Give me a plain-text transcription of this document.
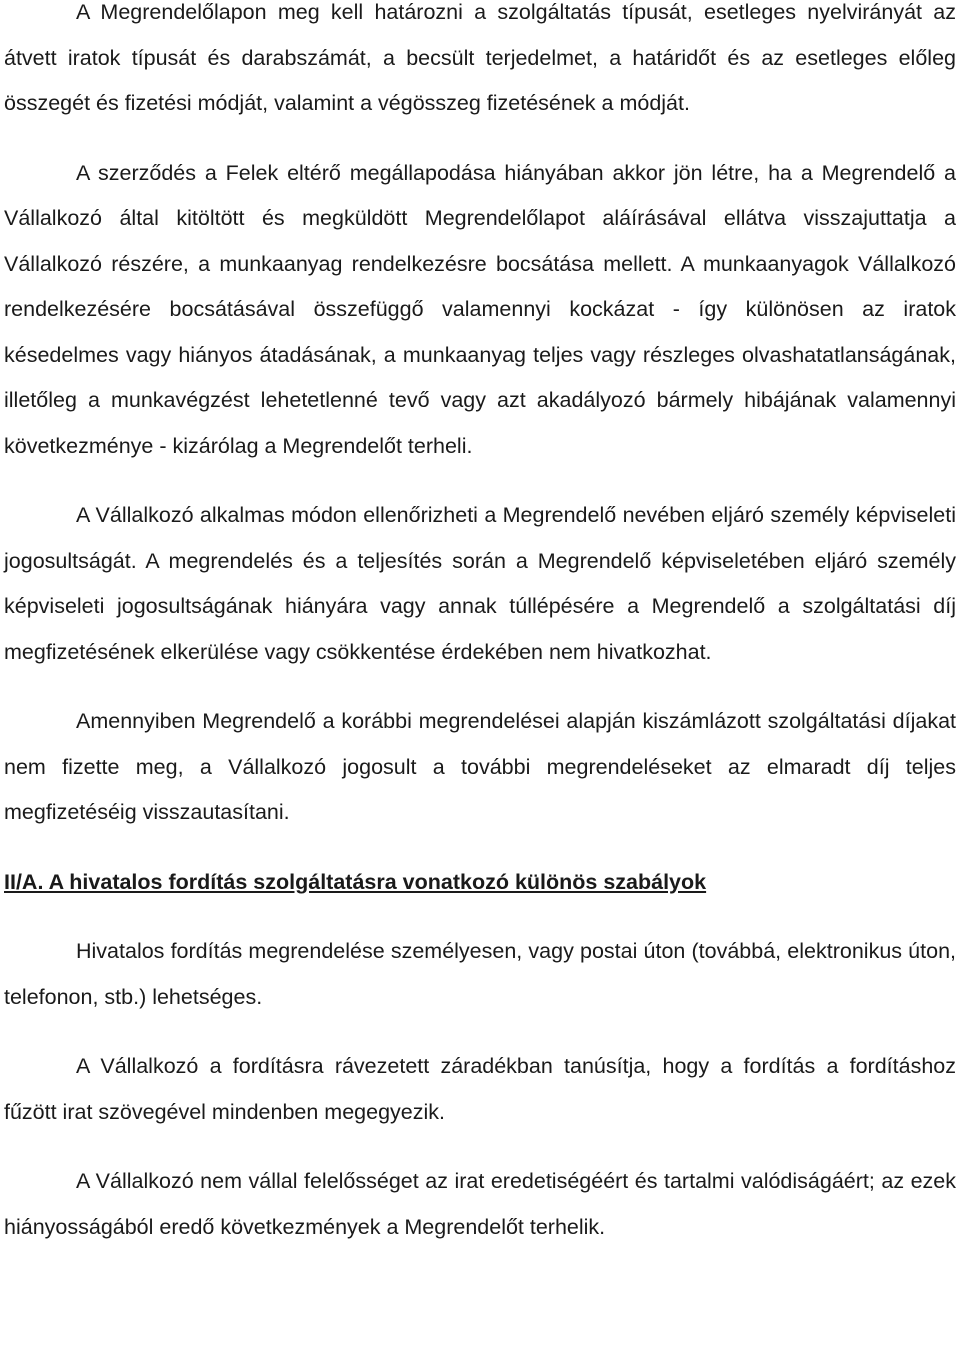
A Megrendelőlapon meg kell határozni a szolgáltatás típusát, esetleges nyelvirányát az átvett iratok típusát és darabszámát, a becsült terjedelmet, a határidőt és az esetleges előleg összegét és fizetési módját, valamint a végösszeg fizetésének a módját.

A szerződés a Felek eltérő megállapodása hiányában akkor jön létre, ha a Megrendelő a Vállalkozó által kitöltött és megküldött Megrendelőlapot aláírásával ellátva visszajuttatja a Vállalkozó részére, a munkaanyag rendelkezésre bocsátása mellett. A munkaanyagok Vállalkozó rendelkezésére bocsátásával összefüggő valamennyi kockázat - így különösen az iratok késedelmes vagy hiányos átadásának, a munkaanyag teljes vagy részleges olvashatatlanságának, illetőleg a munkavégzést lehetetlenné tevő vagy azt akadályozó bármely hibájának valamennyi következménye - kizárólag a Megrendelőt terheli.

A Vállalkozó alkalmas módon ellenőrizheti a Megrendelő nevében eljáró személy képviseleti jogosultságát. A megrendelés és a teljesítés során a Megrendelő képviseletében eljáró személy képviseleti jogosultságának hiányára vagy annak túllépésére a Megrendelő a szolgáltatási díj megfizetésének elkerülése vagy csökkentése érdekében nem hivatkozhat.

Amennyiben Megrendelő a korábbi megrendelései alapján kiszámlázott szolgáltatási díjakat nem fizette meg, a Vállalkozó jogosult a további megrendeléseket az elmaradt díj teljes megfizetéséig visszautasítani.

II/A. A hivatalos fordítás szolgáltatásra vonatkozó különös szabályok

Hivatalos fordítás megrendelése személyesen, vagy postai úton (továbbá, elektronikus úton, telefonon, stb.) lehetséges.

A Vállalkozó a fordításra rávezetett záradékban tanúsítja, hogy a fordítás a fordításhoz fűzött irat szövegével mindenben megegyezik.

A Vállalkozó nem vállal felelősséget az irat eredetiségéért és tartalmi valódiságáért; az ezek hiányosságából eredő következmények a Megrendelőt terhelik.
